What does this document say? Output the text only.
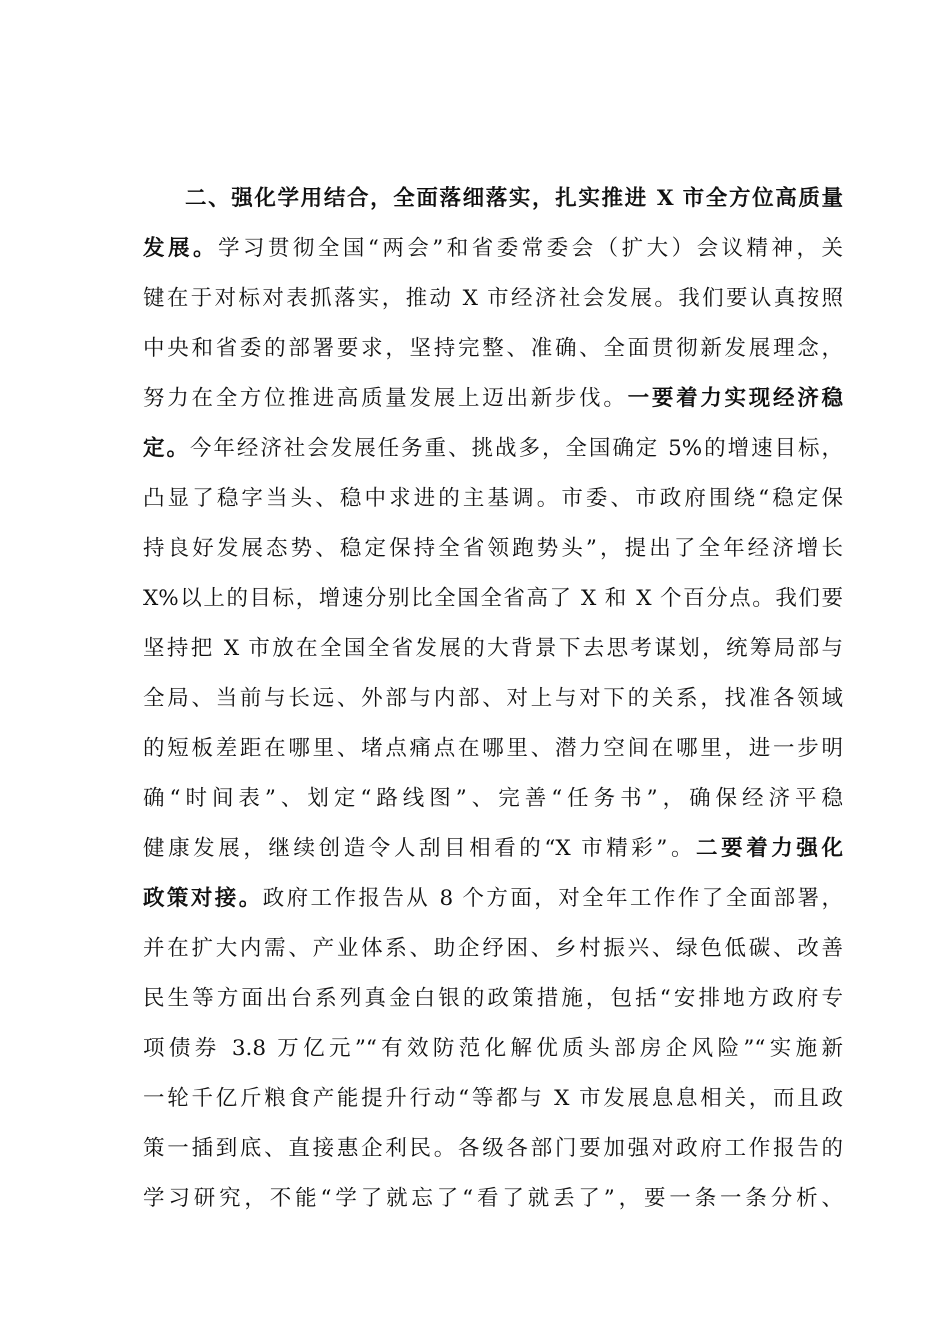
二、强化学用结合，全面落细落实，扎实推进 X 市全方位高质量
发展。学习贯彻全国“两会”和省委常委会（扩大）会议精神，关
键在于对标对表抓落实，推动 X 市经济社会发展。我们要认真按照
中央和省委的部署要求，坚持完整、准确、全面贯彻新发展理念，
努力在全方位推进高质量发展上迈出新步伐。一要着力实现经济稳
定。今年经济社会发展任务重、挑战多，全国确定 5%的增速目标，
凸显了稳字当头、稳中求进的主基调。市委、市政府围绕“稳定保
持良好发展态势、稳定保持全省领跑势头”，提出了全年经济增长
X%以上的目标，增速分别比全国全省高了 X 和 X 个百分点。我们要
坚持把 X 市放在全国全省发展的大背景下去思考谋划，统筹局部与
全局、当前与长远、外部与内部、对上与对下的关系，找准各领域
的短板差距在哪里、堵点痛点在哪里、潜力空间在哪里，进一步明
确“时间表”、划定“路线图”、完善“任务书”，确保经济平稳
健康发展，继续创造令人刮目相看的“X 市精彩”。二要着力强化
政策对接。政府工作报告从 8 个方面，对全年工作作了全面部署，
并在扩大内需、产业体系、助企纾困、乡村振兴、绿色低碳、改善
民生等方面出台系列真金白银的政策措施，包括“安排地方政府专
项债券 3.8 万亿元”“有效防范化解优质头部房企风险”“实施新
一轮千亿斤粮食产能提升行动“等都与 X 市发展息息相关，而且政
策一插到底、直接惠企利民。各级各部门要加强对政府工作报告的
学习研究，不能“学了就忘了“看了就丢了”，要一条一条分析、
